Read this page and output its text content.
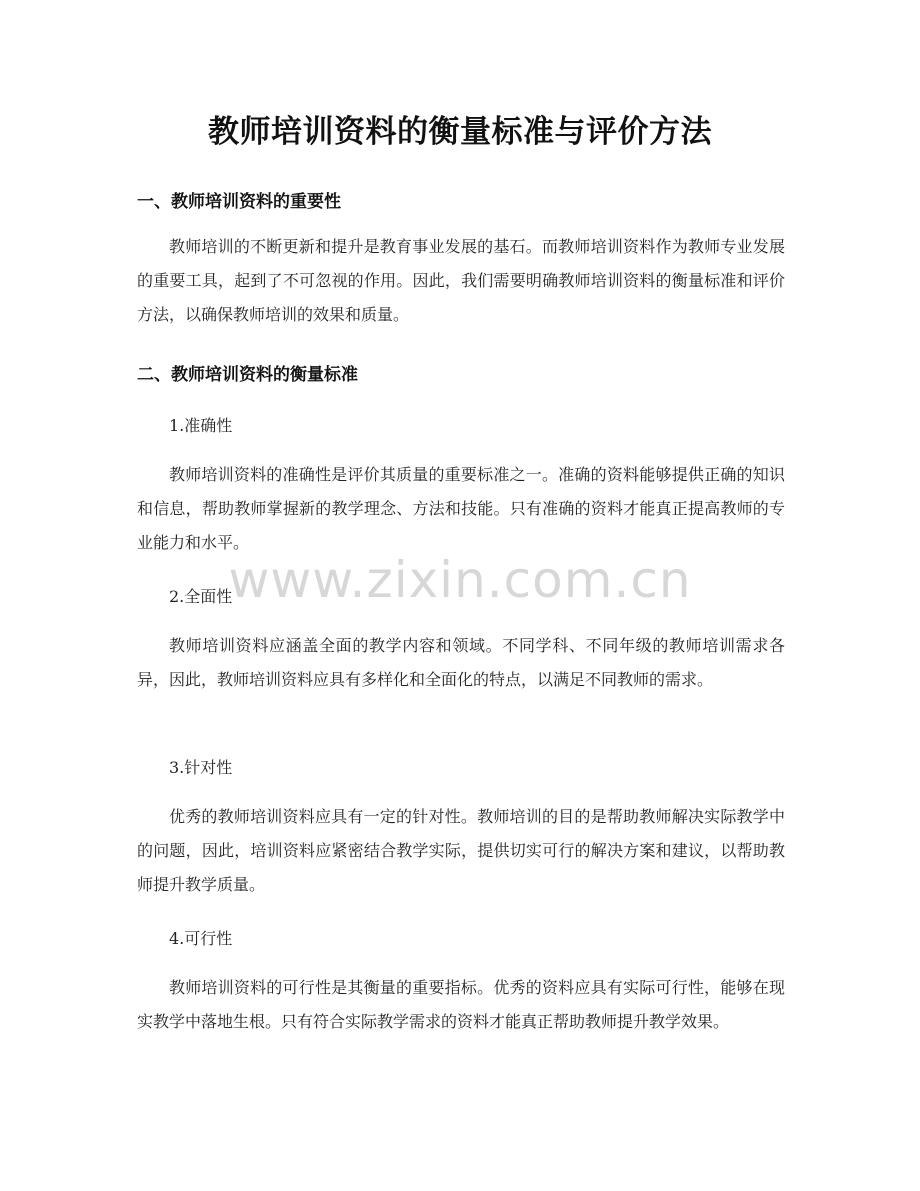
教师培训资料的衡量标准与评价方法
一、教师培训资料的重要性
教师培训的不断更新和提升是教育事业发展的基石。而教师培训资料作为教师专业发展的重要工具，起到了不可忽视的作用。因此，我们需要明确教师培训资料的衡量标准和评价方法，以确保教师培训的效果和质量。
二、教师培训资料的衡量标准
1.准确性
教师培训资料的准确性是评价其质量的重要标准之一。准确的资料能够提供正确的知识和信息，帮助教师掌握新的教学理念、方法和技能。只有准确的资料才能真正提高教师的专业能力和水平。
2.全面性
教师培训资料应涵盖全面的教学内容和领域。不同学科、不同年级的教师培训需求各异，因此，教师培训资料应具有多样化和全面化的特点，以满足不同教师的需求。
3.针对性
优秀的教师培训资料应具有一定的针对性。教师培训的目的是帮助教师解决实际教学中的问题，因此，培训资料应紧密结合教学实际，提供切实可行的解决方案和建议，以帮助教师提升教学质量。
4.可行性
教师培训资料的可行性是其衡量的重要指标。优秀的资料应具有实际可行性，能够在现实教学中落地生根。只有符合实际教学需求的资料才能真正帮助教师提升教学效果。
www.zixin.com.cn
